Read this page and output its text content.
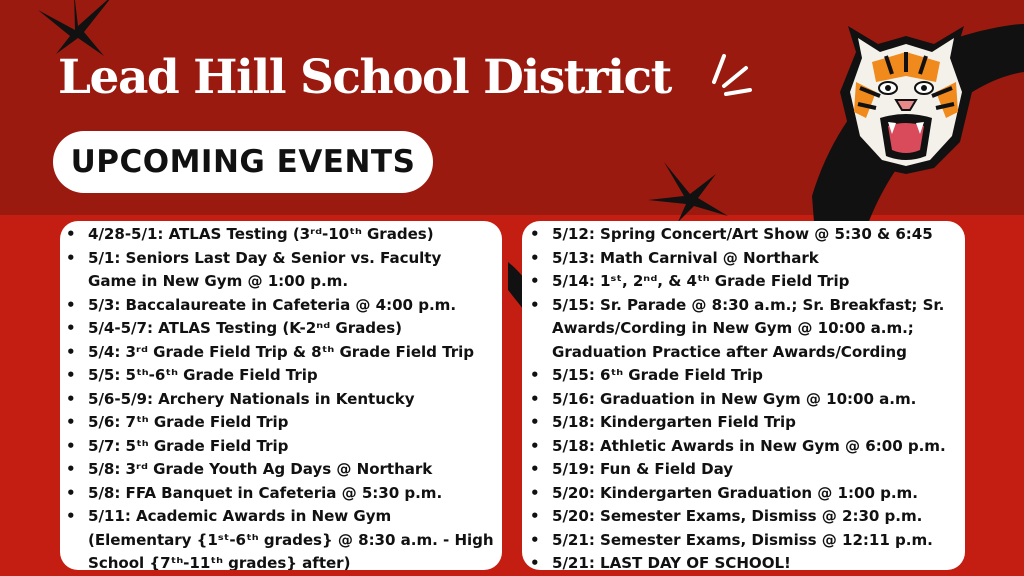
Lead Hill School District
UPCOMING EVENTS
• 4/28-5/1: ATLAS Testing (3ʳᵈ-10ᵗʰ Grades)
• 5/1: Seniors Last Day & Senior vs. Faculty
Game in New Gym @ 1:00 p.m.
• 5/3: Baccalaureate in Cafeteria @ 4:00 p.m.
• 5/4-5/7: ATLAS Testing (K-2ⁿᵈ Grades)
• 5/4: 3ʳᵈ Grade Field Trip & 8ᵗʰ Grade Field Trip
• 5/5: 5ᵗʰ-6ᵗʰ Grade Field Trip
• 5/6-5/9: Archery Nationals in Kentucky
• 5/6: 7ᵗʰ Grade Field Trip
• 5/7: 5ᵗʰ Grade Field Trip
• 5/8: 3ʳᵈ Grade Youth Ag Days @ Northark
• 5/8: FFA Banquet in Cafeteria @ 5:30 p.m.
• 5/11: Academic Awards in New Gym
(Elementary {1ˢᵗ-6ᵗʰ grades} @ 8:30 a.m. - High
School {7ᵗʰ-11ᵗʰ grades} after)
• 5/12: Spring Concert/Art Show @ 5:30 & 6:45
• 5/13: Math Carnival @ Northark
• 5/14: 1ˢᵗ, 2ⁿᵈ, & 4ᵗʰ Grade Field Trip
• 5/15: Sr. Parade @ 8:30 a.m.; Sr. Breakfast; Sr.
Awards/Cording in New Gym @ 10:00 a.m.;
Graduation Practice after Awards/Cording
• 5/15: 6ᵗʰ Grade Field Trip
• 5/16: Graduation in New Gym @ 10:00 a.m.
• 5/18: Kindergarten Field Trip
• 5/18: Athletic Awards in New Gym @ 6:00 p.m.
• 5/19: Fun & Field Day
• 5/20: Kindergarten Graduation @ 1:00 p.m.
• 5/20: Semester Exams, Dismiss @ 2:30 p.m.
• 5/21: Semester Exams, Dismiss @ 12:11 p.m.
• 5/21: LAST DAY OF SCHOOL!
